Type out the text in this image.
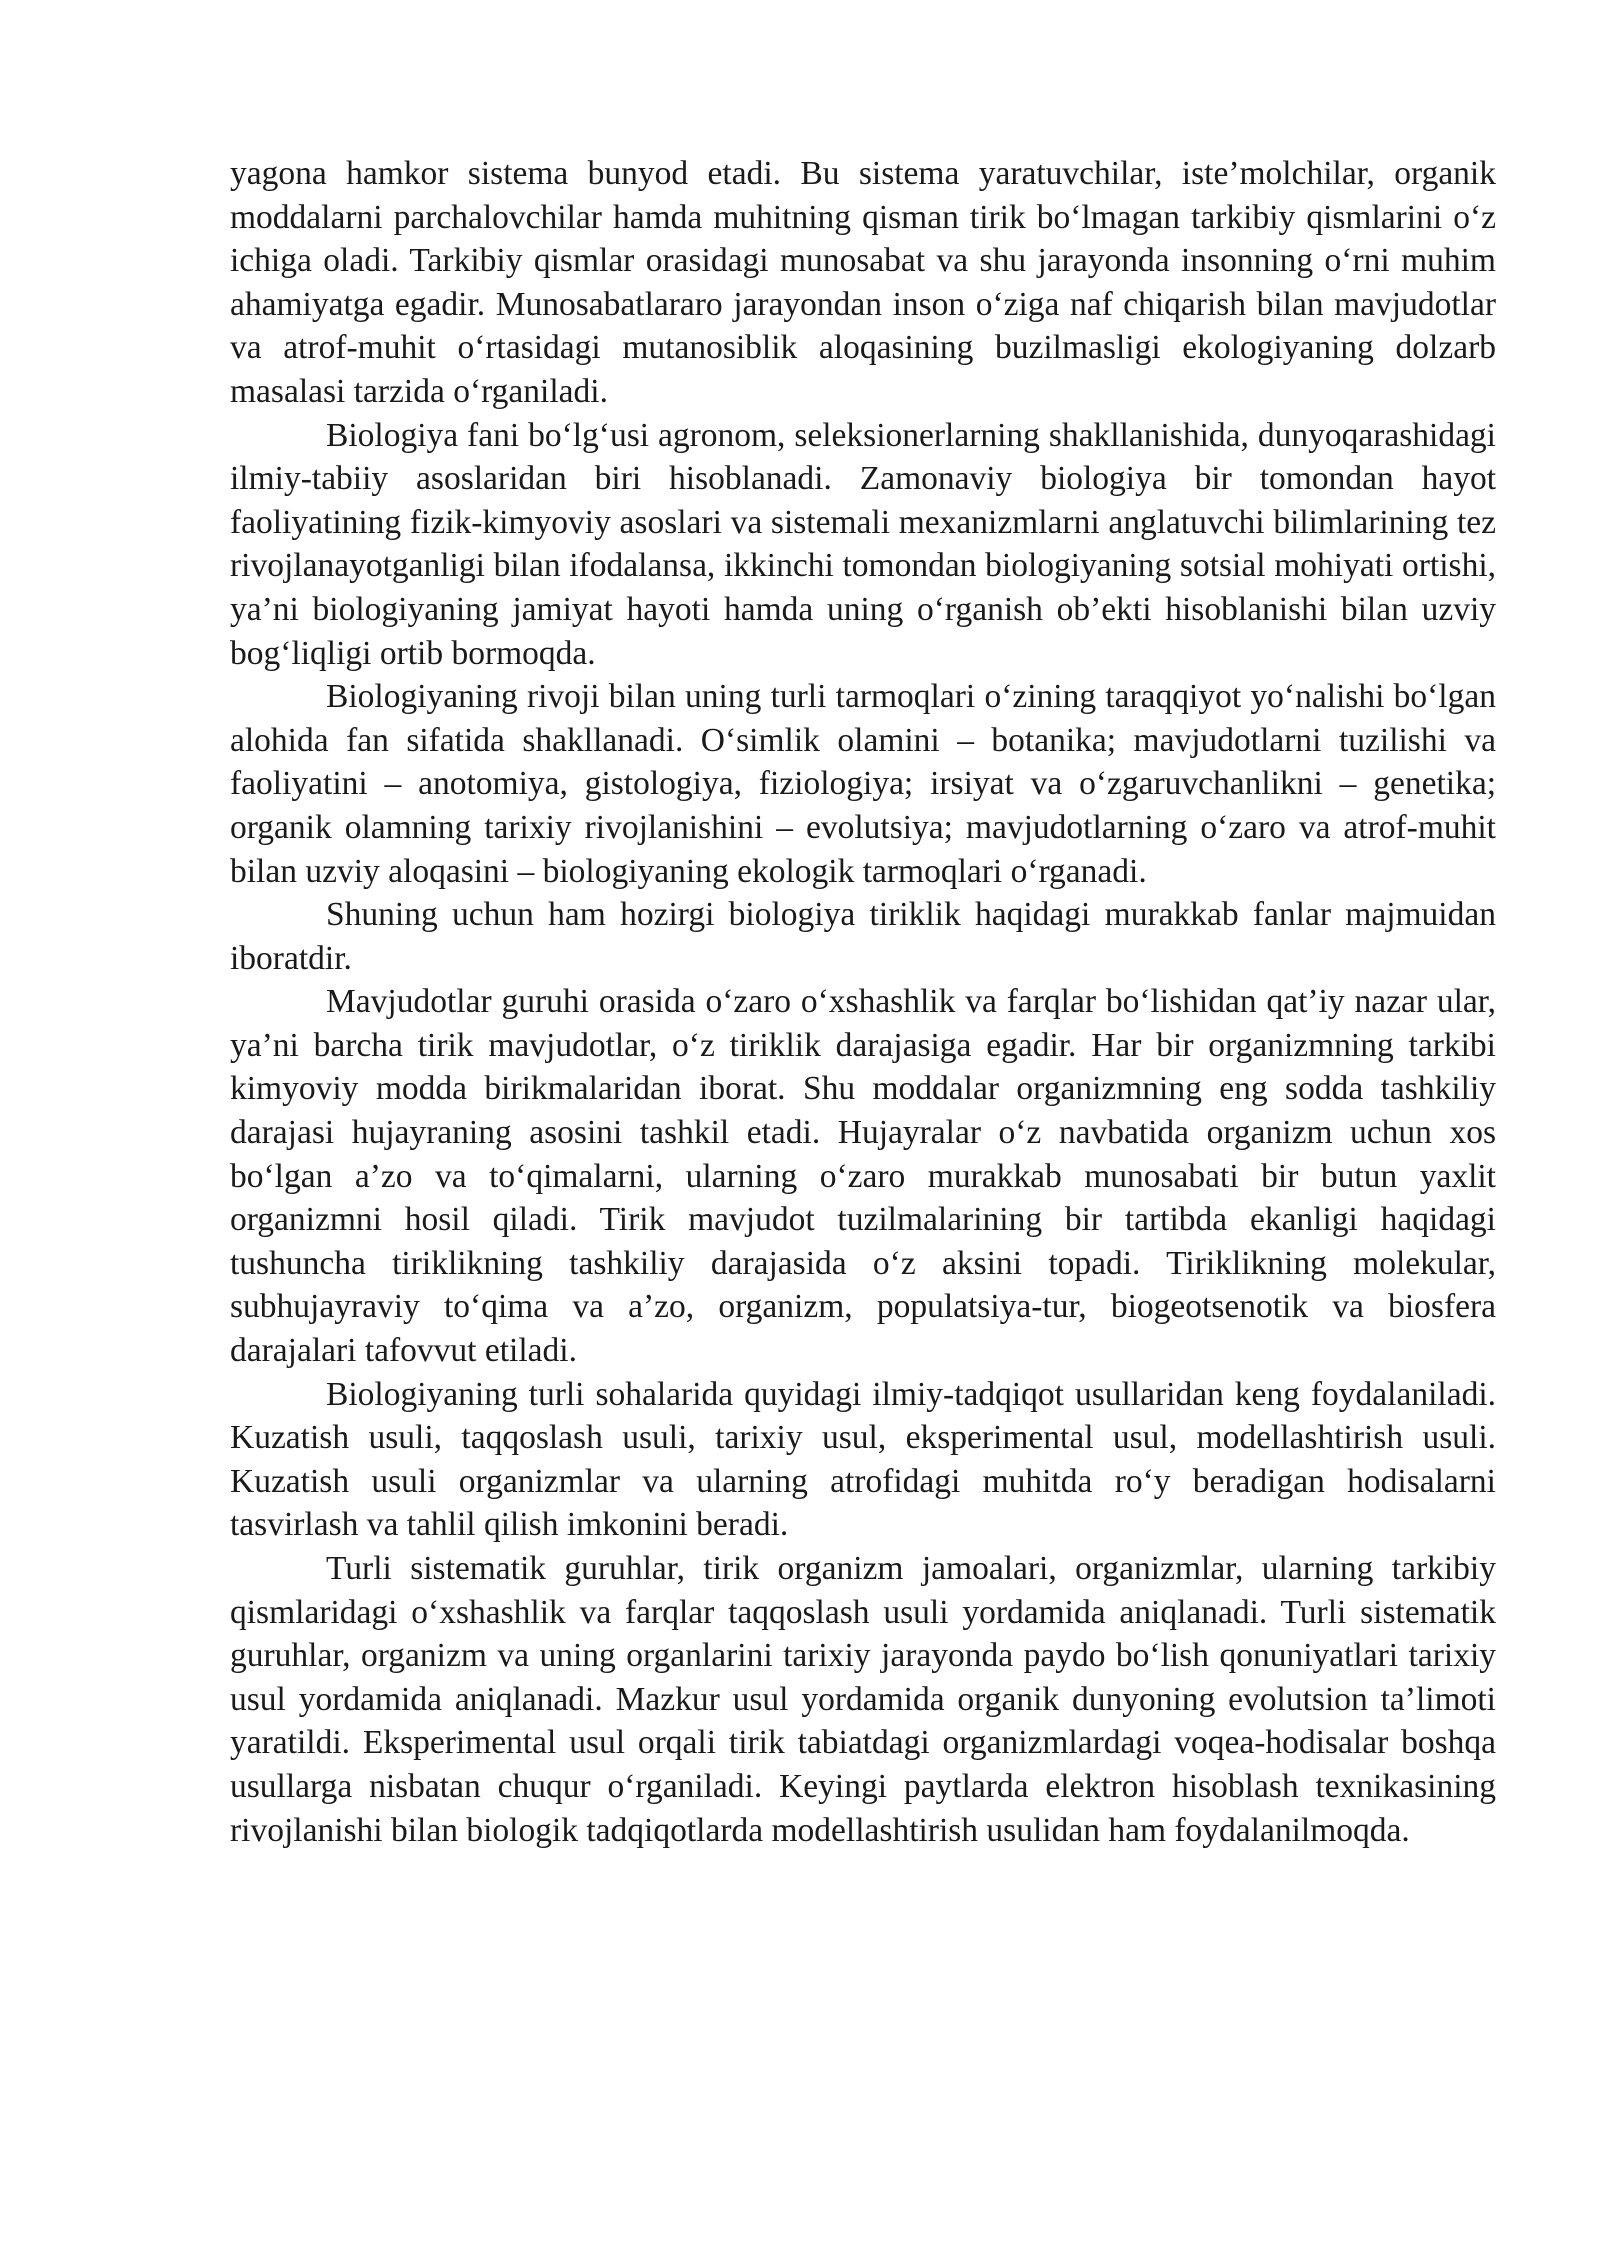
yagona hamkor sistema bunyod etadi. Bu sistema yaratuvchilar, iste’molchilar, organik moddalarni parchalovchilar hamda muhitning qisman tirik bo‘lmagan tarkibiy qismlarini o‘z ichiga oladi. Tarkibiy qismlar orasidagi munosabat va shu jarayonda insonning o‘rni muhim ahamiyatga egadir. Munosabatlararo jarayondan inson o‘ziga naf chiqarish bilan mavjudotlar va atrof-muhit o‘rtasidagi mutanosiblik aloqasining buzilmasligi ekologiyaning dolzarb masalasi tarzida o‘rganiladi.

Biologiya fani bo‘lg‘usi agronom, seleksionerlarning shakllanishida, dunyoqarashidagi ilmiy-tabiiy asoslaridan biri hisoblanadi. Zamonaviy biologiya bir tomondan hayot faoliyatining fizik-kimyoviy asoslari va sistemali mexanizmlarni anglatuvchi bilimlarining tez rivojlanayotganligi bilan ifodalansa, ikkinchi tomondan biologiyaning sotsial mohiyati ortishi, ya’ni biologiyaning jamiyat hayoti hamda uning o‘rganish ob’ekti hisoblanishi bilan uzviy bog‘liqligi ortib bormoqda.

Biologiyaning rivoji bilan uning turli tarmoqlari o‘zining taraqqiyot yo‘nalishi bo‘lgan alohida fan sifatida shakllanadi. O‘simlik olamini – botanika; mavjudotlarni tuzilishi va faoliyatini – anotomiya, gistologiya, fiziologiya; irsiyat va o‘zgaruvchanlikni – genetika; organik olamning tarixiy rivojlanishini – evolutsiya; mavjudotlarning o‘zaro va atrof-muhit bilan uzviy aloqasini – biologiyaning ekologik tarmoqlari o‘rganadi.

Shuning uchun ham hozirgi biologiya tiriklik haqidagi murakkab fanlar majmuidan iboratdir.

Mavjudotlar guruhi orasida o‘zaro o‘xshashlik va farqlar bo‘lishidan qat’iy nazar ular, ya’ni barcha tirik mavjudotlar, o‘z tiriklik darajasiga egadir. Har bir organizmning tarkibi kimyoviy modda birikmalaridan iborat. Shu moddalar organizmning eng sodda tashkiliy darajasi hujayraning asosini tashkil etadi. Hujayralar o‘z navbatida organizm uchun xos bo‘lgan a’zo va to‘qimalarni, ularning o‘zaro murakkab munosabati bir butun yaxlit organizmni hosil qiladi. Tirik mavjudot tuzilmalarining bir tartibda ekanligi haqidagi tushuncha tiriklikning tashkiliy darajasida o‘z aksini topadi. Tiriklikning molekular, subhujayraviy to‘qima va a’zo, organizm, populatsiya-tur, biogeotsenotik va biosfera darajalari tafovvut etiladi.

Biologiyaning turli sohalarida quyidagi ilmiy-tadqiqot usullaridan keng foydalaniladi. Kuzatish usuli, taqqoslash usuli, tarixiy usul, eksperimental usul, modellashtirish usuli. Kuzatish usuli organizmlar va ularning atrofidagi muhitda ro‘y beradigan hodisalarni tasvirlash va tahlil qilish imkonini beradi.

Turli sistematik guruhlar, tirik organizm jamoalari, organizmlar, ularning tarkibiy qismlaridagi o‘xshashlik va farqlar taqqoslash usuli yordamida aniqlanadi. Turli sistematik guruhlar, organizm va uning organlarini tarixiy jarayonda paydo bo‘lish qonuniyatlari tarixiy usul yordamida aniqlanadi. Mazkur usul yordamida organik dunyoning evolutsion ta’limoti yaratildi. Eksperimental usul orqali tirik tabiatdagi organizmlardagi voqea-hodisalar boshqa usullarga nisbatan chuqur o‘rganiladi. Keyingi paytlarda elektron hisoblash texnikasining rivojlanishi bilan biologik tadqiqotlarda modellashtirish usulidan ham foydalanilmoqda.
